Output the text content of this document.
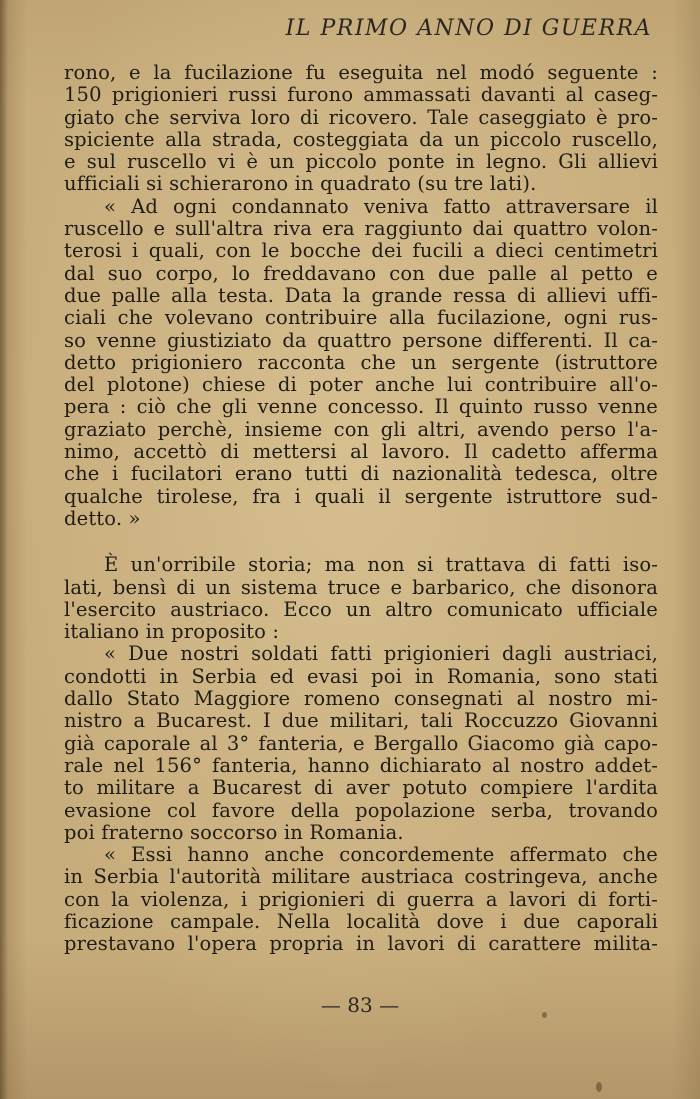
IL PRIMO ANNO DI GUERRA
rono, e la fucilazione fu eseguita nel modó seguente :
150 prigionieri russi furono ammassati davanti al caseg-
giato che serviva loro di ricovero. Tale caseggiato è pro-
spiciente alla strada, costeggiata da un piccolo ruscello,
e sul ruscello vi è un piccolo ponte in legno. Gli allievi
ufficiali si schierarono in quadrato (su tre lati).
« Ad ogni condannato veniva fatto attraversare il
ruscello e sull'altra riva era raggiunto dai quattro volon-
terosi i quali, con le bocche dei fucili a dieci centimetri
dal suo corpo, lo freddavano con due palle al petto e
due palle alla testa. Data la grande ressa di allievi uffi-
ciali che volevano contribuire alla fucilazione, ogni rus-
so venne giustiziato da quattro persone differenti. Il ca-
detto prigioniero racconta che un sergente (istruttore
del plotone) chiese di poter anche lui contribuire all'o-
pera : ciò che gli venne concesso. Il quinto russo venne
graziato perchè, insieme con gli altri, avendo perso l'a-
nimo, accettò di mettersi al lavoro. Il cadetto afferma
che i fucilatori erano tutti di nazionalità tedesca, oltre
qualche tirolese, fra i quali il sergente istruttore sud-
detto. »
È un'orribile storia; ma non si trattava di fatti iso-
lati, bensì di un sistema truce e barbarico, che disonora
l'esercito austriaco. Ecco un altro comunicato ufficiale
italiano in proposito :
« Due nostri soldati fatti prigionieri dagli austriaci,
condotti in Serbia ed evasi poi in Romania, sono stati
dallo Stato Maggiore romeno consegnati al nostro mi-
nistro a Bucarest. I due militari, tali Roccuzzo Giovanni
già caporale al 3° fanteria, e Bergallo Giacomo già capo-
rale nel 156° fanteria, hanno dichiarato al nostro addet-
to militare a Bucarest di aver potuto compiere l'ardita
evasione col favore della popolazione serba, trovando
poi fraterno soccorso in Romania.
« Essi hanno anche concordemente affermato che
in Serbia l'autorità militare austriaca costringeva, anche
con la violenza, i prigionieri di guerra a lavori di forti-
ficazione campale. Nella località dove i due caporali
prestavano l'opera propria in lavori di carattere milita-
— 83 —
